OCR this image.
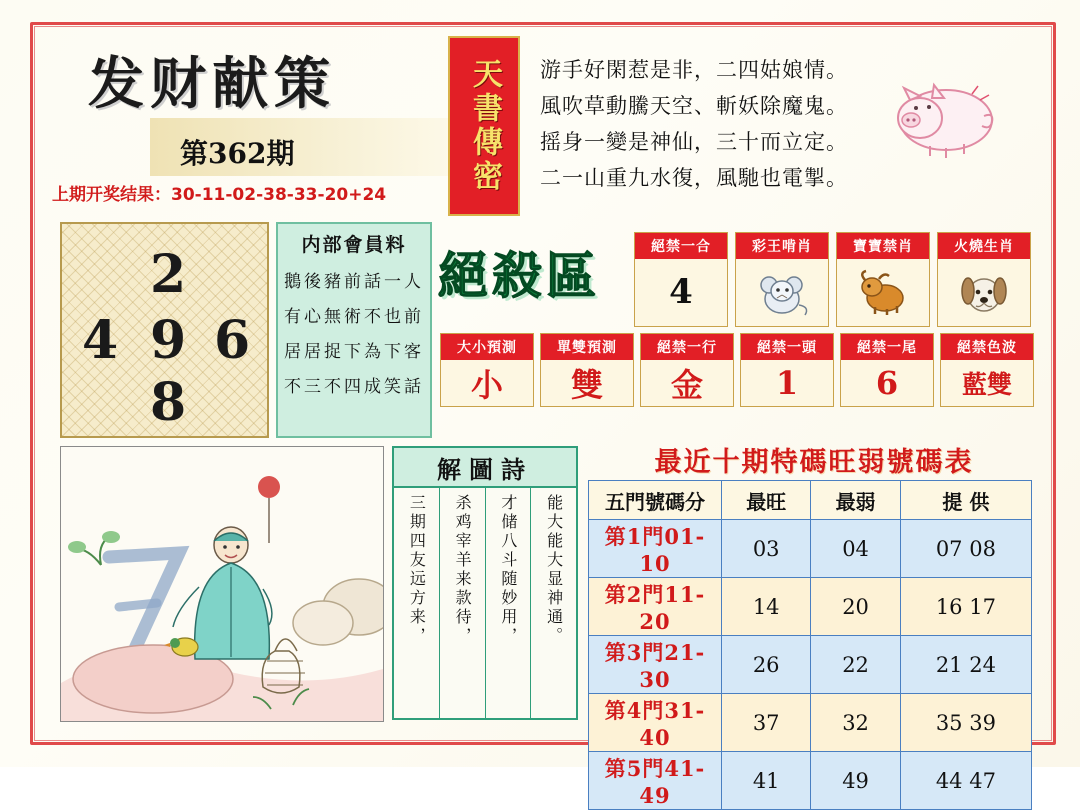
发财献策
第362期
上期开奖结果：30-11-02-38-33-20+24
天書傳密 游手好閑惹是非，二四姑娘情。
風吹草動騰天空、斬妖除魔鬼。
摇身一變是神仙，三十而立定。
二一山重九水復，風馳也電掣。
2
4 9 6
8
内部會員料
鵝後豬前話一人
有心無術不也前
居居捉下為下客
不三不四成笑話
絕殺區	絕禁一合
4
彩王啃肖	寶寶禁肖	火燒生肖
大小預測
小
單雙預測
雙
絕禁一行
金
絕禁一頭
1
絕禁一尾
6
絕禁色波
藍雙
解圖詩
能大能大显神通。
才储八斗随妙用，
杀鸡宰羊来款待，
三期四友远方来，
最近十期特碼旺弱號碼表
五門號碼分	最旺	最弱	提 供
第1門01-10	03	04	07 08
第2門11-20	14	20	16 17
第3門21-30	26	22	21 24
第4門31-40	37	32	35 39
第5門41-49	41	49	44 47
